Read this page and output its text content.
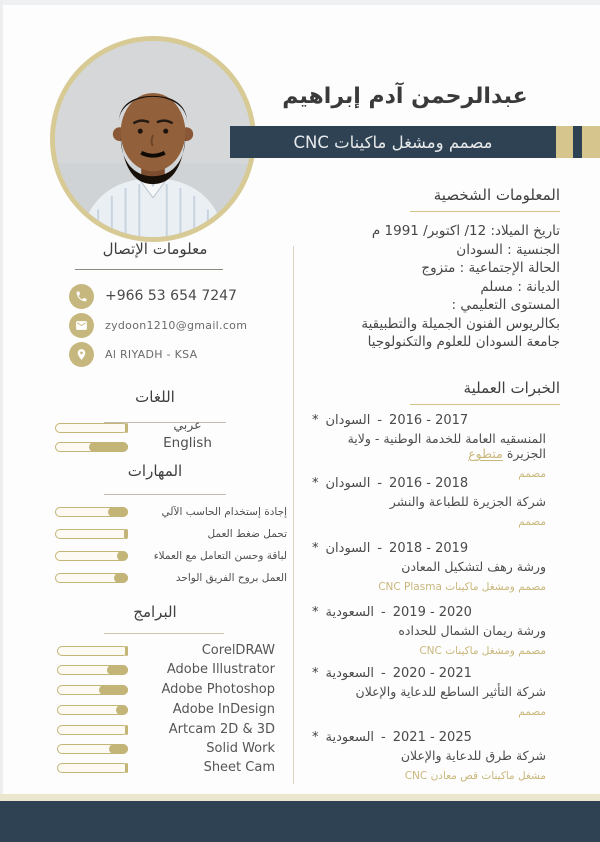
عبدالرحمن آدم إبراهيم
مصمم ومشغل ماكينات CNC
المعلومات الشخصية
تاريخ الميلاد: 12/ اكتوبر/ 1991 م
الجنسية : السودان
الحالة الإجتماعية : متزوج
الديانة : مسلم
المستوى التعليمي :
بكالريوس الفنون الجميلة والتطبيقية
جامعة السودان للعلوم والتكنولوجيا
معلومات الإتصال
+966 53 654 7247
zydoon1210@gmail.com
Al RIYADH - KSA
اللغات
عربي
English
المهارات
إجادة إستخدام الحاسب الآلي
تحمل ضغط العمل
لباقة وحسن التعامل مع العملاء
العمل بروح الفريق الواحد
البرامج
CorelDRAW
Adobe Illustrator
Adobe Photoshop
Adobe InDesign
Artcam 2D & 3D
Solid Work
Sheet Cam
الخبرات العملية
* السودان - 2016 - 2017
المنسقيه العامة للخدمة الوطنية - ولاية الجزيرة متطوع
مصمم
* السودان - 2016 - 2018
شركة الجزيرة للطباعة والنشر
مصمم
* السودان - 2018 - 2019
ورشة رهف لتشكيل المعادن
مصمم ومشغل ماكينات CNC Plasma
* السعودية - 2019 - 2020
ورشة ريمان الشمال للحداده
مصمم ومشغل ماكينات CNC
* السعودية - 2020 - 2021
شركة التأثير الساطع للدعاية والإعلان
مصمم
* السعودية - 2021 - 2025
شركة طرق للدعاية والإعلان
مشغل ماكينات قص معادن CNC
